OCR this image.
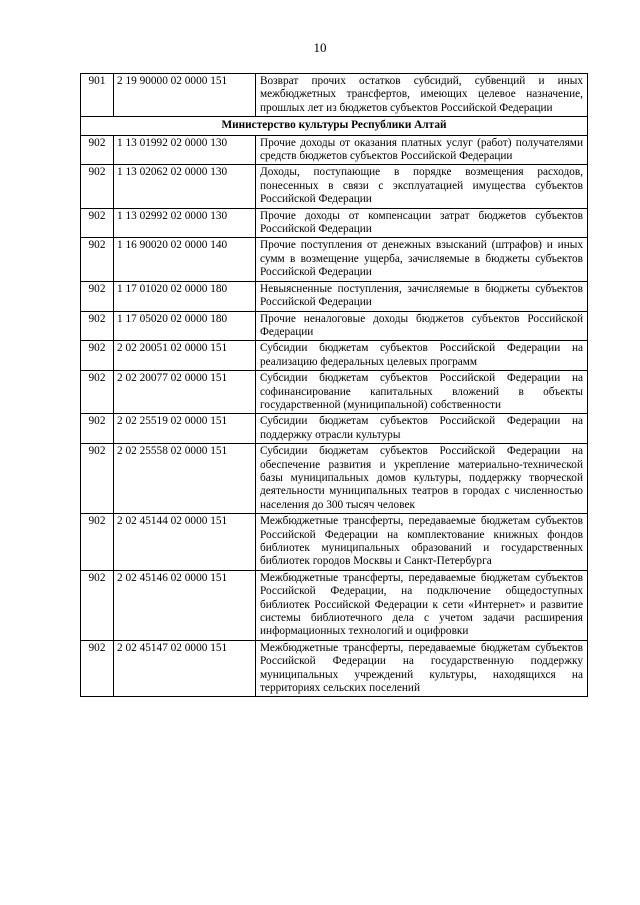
10
901	2 19 90000 02 0000 151	Возврат прочих остатков субсидий, субвенций и иных межбюджетных трансфертов, имеющих целевое назначение, прошлых лет из бюджетов субъектов Российской Федерации
Министерство культуры Республики Алтай		
902	1 13 01992 02 0000 130	Прочие доходы от оказания платных услуг (работ) получателями средств бюджетов субъектов Российской Федерации
902	1 13 02062 02 0000 130	Доходы, поступающие в порядке возмещения расходов, понесенных в связи с эксплуатацией имущества субъектов Российской Федерации
902	1 13 02992 02 0000 130	Прочие доходы от компенсации затрат бюджетов субъектов Российской Федерации
902	1 16 90020 02 0000 140	Прочие поступления от денежных взысканий (штрафов) и иных сумм в возмещение ущерба, зачисляемые в бюджеты субъектов Российской Федерации
902	1 17 01020 02 0000 180	Невыясненные поступления, зачисляемые в бюджеты субъектов Российской Федерации
902	1 17 05020 02 0000 180	Прочие неналоговые доходы бюджетов субъектов Российской Федерации
902	2 02 20051 02 0000 151	Субсидии бюджетам субъектов Российской Федерации на реализацию федеральных целевых программ
902	2 02 20077 02 0000 151	Субсидии бюджетам субъектов Российской Федерации на софинансирование капитальных вложений в объекты государственной (муниципальной) собственности
902	2 02 25519 02 0000 151	Субсидии бюджетам субъектов Российской Федерации на поддержку отрасли культуры
902	2 02 25558 02 0000 151	Субсидии бюджетам субъектов Российской Федерации на обеспечение развития и укрепление материально-технической базы муниципальных домов культуры, поддержку творческой деятельности муниципальных театров в городах с численностью населения до 300 тысяч человек
902	2 02 45144 02 0000 151	Межбюджетные трансферты, передаваемые бюджетам субъектов Российской Федерации на комплектование книжных фондов библиотек муниципальных образований и государственных библиотек городов Москвы и Санкт-Петербурга
902	2 02 45146 02 0000 151	Межбюджетные трансферты, передаваемые бюджетам субъектов Российской Федерации, на подключение общедоступных библиотек Российской Федерации к сети «Интернет» и развитие системы библиотечного дела с учетом задачи расширения информационных технологий и оцифровки
902	2 02 45147 02 0000 151	Межбюджетные трансферты, передаваемые бюджетам субъектов Российской Федерации на государственную поддержку муниципальных учреждений культуры, находящихся на территориях сельских поселений
